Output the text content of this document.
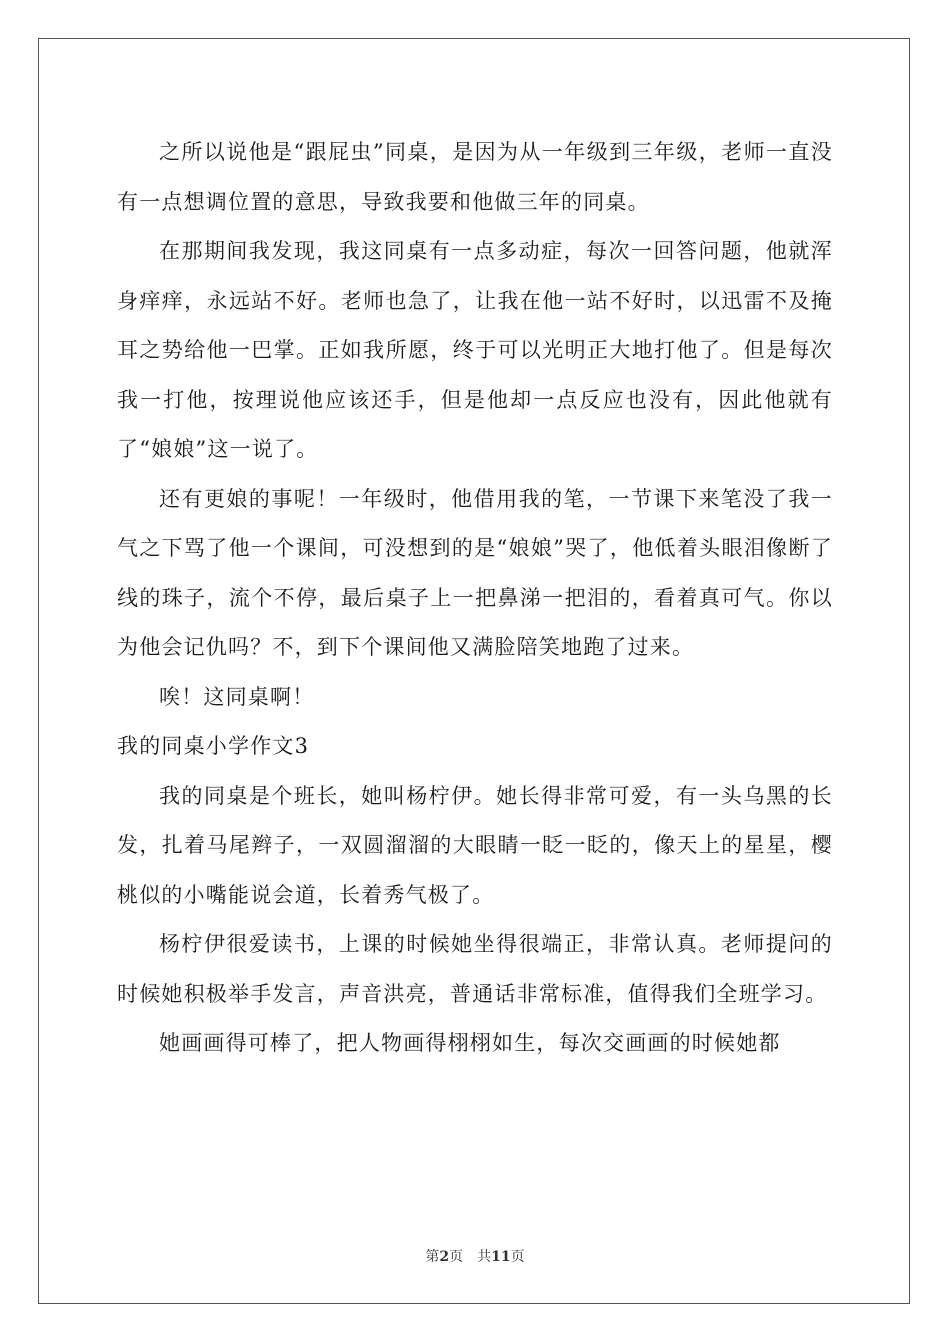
之所以说他是“跟屁虫”同桌，是因为从一年级到三年级，老师一直没有一点想调位置的意思，导致我要和他做三年的同桌。

在那期间我发现，我这同桌有一点多动症，每次一回答问题，他就浑身痒痒，永远站不好。老师也急了，让我在他一站不好时，以迅雷不及掩耳之势给他一巴掌。正如我所愿，终于可以光明正大地打他了。但是每次我一打他，按理说他应该还手，但是他却一点反应也没有，因此他就有了“娘娘”这一说了。

还有更娘的事呢！一年级时，他借用我的笔，一节课下来笔没了我一气之下骂了他一个课间，可没想到的是“娘娘”哭了，他低着头眼泪像断了线的珠子，流个不停，最后桌子上一把鼻涕一把泪的，看着真可气。你以为他会记仇吗？不，到下个课间他又满脸陪笑地跑了过来。

唉！这同桌啊！

我的同桌小学作文3

我的同桌是个班长，她叫杨柠伊。她长得非常可爱，有一头乌黑的长发，扎着马尾辫子，一双圆溜溜的大眼睛一眨一眨的，像天上的星星，樱桃似的小嘴能说会道，长着秀气极了。

杨柠伊很爱读书，上课的时候她坐得很端正，非常认真。老师提问的时候她积极举手发言，声音洪亮，普通话非常标准，值得我们全班学习。

她画画得可棒了，把人物画得栩栩如生，每次交画画的时候她都

第2页 共11页
